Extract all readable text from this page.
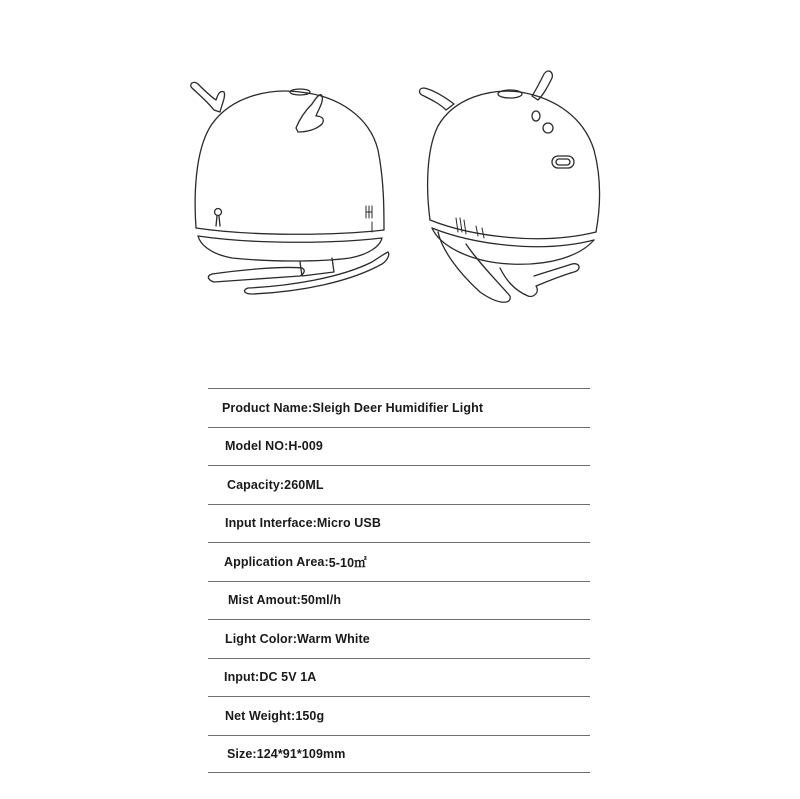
Product Name: Sleigh Deer Humidifier Light
Model NO: H-009
Capacity: 260ML
Input Interface: Micro USB
Application Area: 5-10㎡
Mist Amout: 50ml/h
Light Color: Warm White
Input: DC 5V 1A
Net Weight: 150g
Size: 124*91*109mm
